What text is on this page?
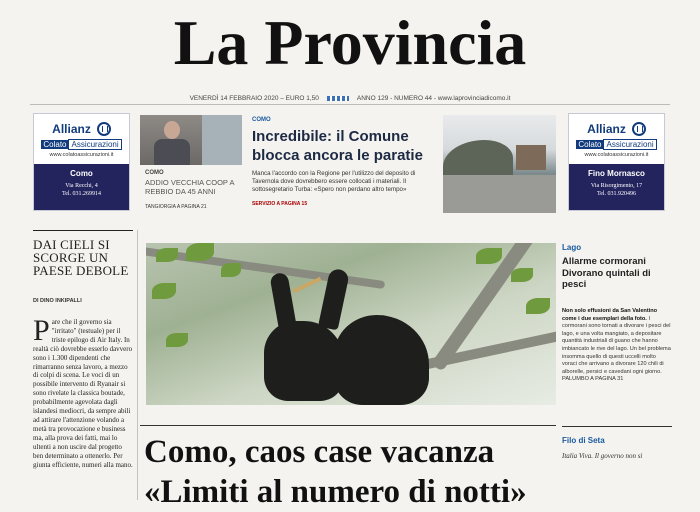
La Provincia
VENERDÌ 14 FEBBRAIO 2020 – EURO 1,50	ANNO 129 - NUMERO 44 - www.laprovinciadicomo.it
Allianz
Colato Assicurazioni
www.colatoassicurazioni.it
Como
Via Recchi, 4
Tel. 031.269914
Allianz
Colato Assicurazioni
www.colatoassicurazioni.it
Fino Mornasco
Via Risorgimento, 17
Tel. 031.920496
COMO
ADDIO VECCHIA COOP A REBBIO DA 45 ANNI
TANGIORGIA A PAGINA 21
COMO
Incredibile: il Comune blocca ancora le paratie
Manca l'accordo con la Regione per l'utilizzo del deposito di Tavernola dove dovrebbero essere collocati i materiali. Il sottosegretario Turba: «Spero non perdano altro tempo»
SERVIZIO A PAGINA 15
DAI CIELI SI SCORGE UN PAESE DEBOLE
DI DINO INKIPALLI
P are che il governo sia "irritato" (testuale) per il triste epilogo di Air Italy. In realtà ciò dovrebbe esserlo davvero sono i 1.300 dipendenti che rimarranno senza lavoro, a mezzo di colpi di scena. Le voci di un possibile intervento di Ryanair si sono rivelate la classica boutade, probabilmente agevolata dagli islandesi mediocri, da sempre abili ad attirare l'attenzione volando a metà tra provocazione e business ma, alla prova dei fatti, mai lo ultenti a non uscire dal progetto ben determinato a ottenerlo. Per giunta efficiente, numeri alla mano.
Lago
Allarme cormorani Divorano quintali di pesci
Non solo effusioni da San Valentino come i due esemplari della foto. I cormorani sono tornati a divorare i pesci del lago, e una volta mangiato, a depositare quantità industriali di guano che hanno imbiancato le rive del lago. Un bel problema insomma quello di questi uccelli molto voraci che arrivano a divorare 120 chili di alborelle, persici e cavedani ogni giorno. PALUMBO A PAGINA 31
Filo di Seta
Italia Viva. Il governo non si
Como, caos case vacanza
«Limiti al numero di notti»
